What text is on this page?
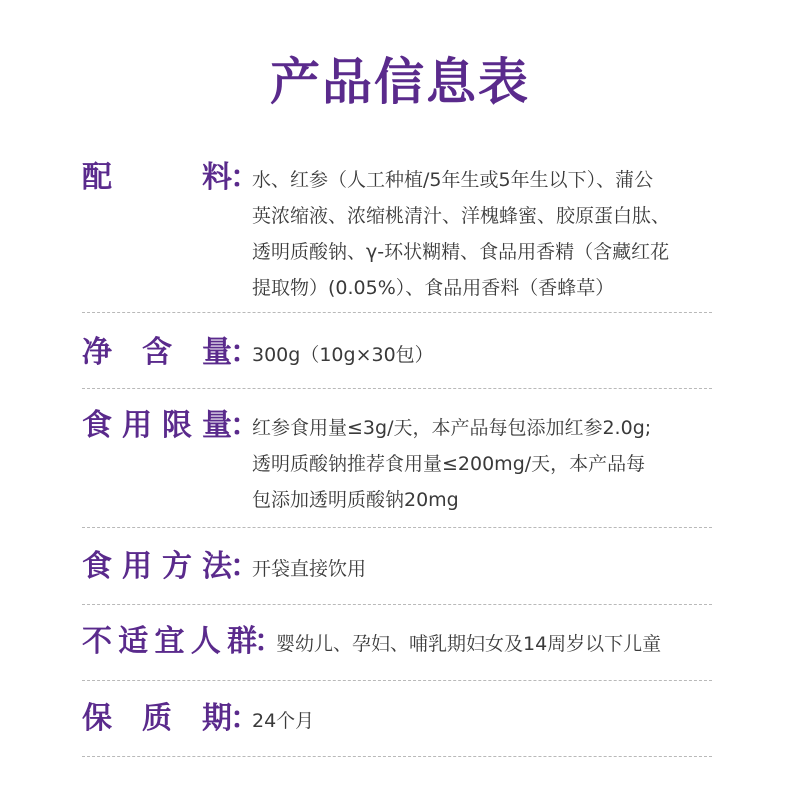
产品信息表
配	料
：
水、红参（人工种植/5年生或5年生以下）、蒲公
英浓缩液、浓缩桃清汁、洋槐蜂蜜、胶原蛋白肽、
透明质酸钠、γ-环状糊精、食品用香精（含藏红花
提取物）(0.05%）、食品用香料（香蜂草）
净 含 量
：
300g（10g×30包）
食 用 限 量
：
红参食用量≤3g/天，本产品每包添加红参2.0g;
透明质酸钠推荐食用量≤200mg/天，本产品每
包添加透明质酸钠20mg
食 用 方 法
：
开袋直接饮用
不 适 宜 人 群
：
婴幼儿、孕妇、哺乳期妇女及14周岁以下儿童
保 质 期
：
24个月
